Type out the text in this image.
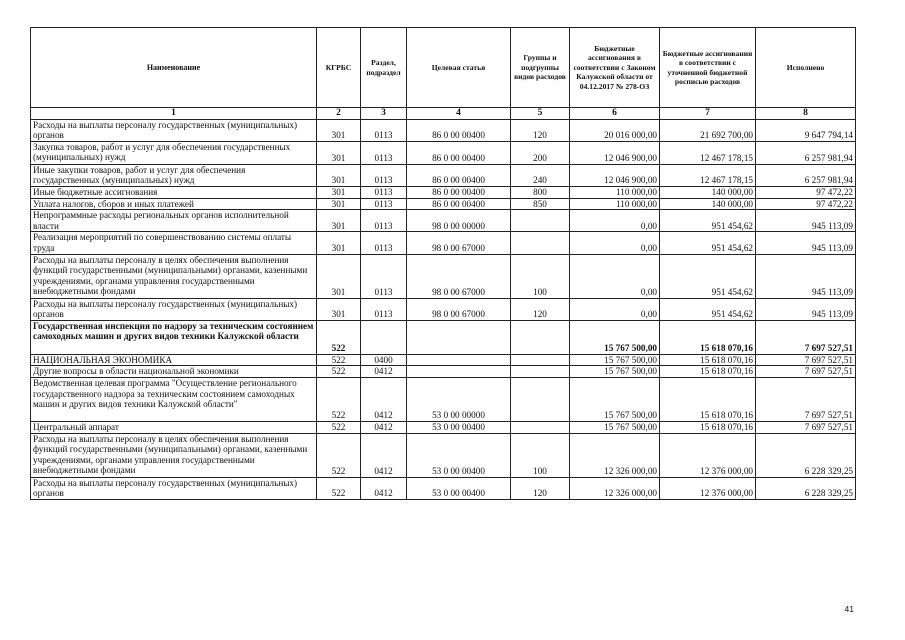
Наименование	КГРБС	Раздел, подраздел	Целевая статья	Группы и подгруппы видов расходов	Бюджетные ассигнования в соответствии с Законом Калужской области от 04.12.2017 № 278-ОЗ	Бюджетные ассигнования в соответствии с уточненной бюджетной росписью расходов	Исполнено
1	2	3	4	5	6	7	8
Расходы на выплаты персоналу государственных (муниципальных) органов	301	0113	86 0 00 00400	120	20 016 000,00	21 692 700,00	9 647 794,14
Закупка товаров, работ и услуг для обеспечения государственных (муниципальных) нужд	301	0113	86 0 00 00400	200	12 046 900,00	12 467 178,15	6 257 981,94
Иные закупки товаров, работ и услуг для обеспечения государственных (муниципальных) нужд	301	0113	86 0 00 00400	240	12 046 900,00	12 467 178,15	6 257 981,94
Иные бюджетные ассигнования	301	0113	86 0 00 00400	800	110 000,00	140 000,00	97 472,22
Уплата налогов, сборов и иных платежей	301	0113	86 0 00 00400	850	110 000,00	140 000,00	97 472,22
Непрограммные расходы региональных органов исполнительной власти	301	0113	98 0 00 00000		0,00	951 454,62	945 113,09
Реализация мероприятий по совершенствованию системы оплаты труда	301	0113	98 0 00 67000		0,00	951 454,62	945 113,09
Расходы на выплаты персоналу в целях обеспечения выполнения функций государственными (муниципальными) органами, казенными учреждениями, органами управления государственными внебюджетными фондами	301	0113	98 0 00 67000	100	0,00	951 454,62	945 113,09
Расходы на выплаты персоналу государственных (муниципальных) органов	301	0113	98 0 00 67000	120	0,00	951 454,62	945 113,09
Государственная инспекция по надзору за техническим состоянием самоходных машин и других видов техники Калужской области	522				15 767 500,00	15 618 070,16	7 697 527,51
НАЦИОНАЛЬНАЯ ЭКОНОМИКА	522	0400			15 767 500,00	15 618 070,16	7 697 527,51
Другие вопросы в области национальной экономики	522	0412			15 767 500,00	15 618 070,16	7 697 527,51
Ведомственная целевая программа "Осуществление регионального государственного надзора за техническим состоянием самоходных машин и других видов техники Калужской области"	522	0412	53 0 00 00000		15 767 500,00	15 618 070,16	7 697 527,51
Центральный аппарат	522	0412	53 0 00 00400		15 767 500,00	15 618 070,16	7 697 527,51
Расходы на выплаты персоналу в целях обеспечения выполнения функций государственными (муниципальными) органами, казенными учреждениями, органами управления государственными внебюджетными фондами	522	0412	53 0 00 00400	100	12 326 000,00	12 376 000,00	6 228 329,25
Расходы на выплаты персоналу государственных (муниципальных) органов	522	0412	53 0 00 00400	120	12 326 000,00	12 376 000,00	6 228 329,25
41
